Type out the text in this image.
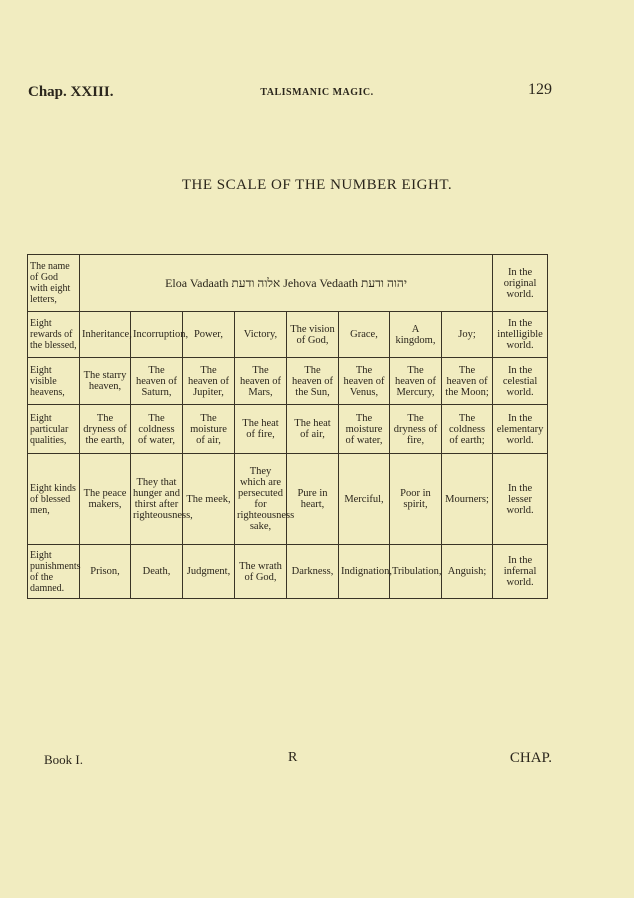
Chap. XXIII.	TALISMANIC MAGIC.	129
THE SCALE OF THE NUMBER EIGHT.
The name of God with eight letters,	Eloa Vadaath אלוה ודעת Jehova Vedaath יהוה ודעת								In the original world.
Eight rewards of the blessed,	Inheritance,	Incorruption,	Power,	Victory,	The vision of God,	Grace,	A kingdom,	Joy;	In the intelligible world.
Eight visible heavens,	The starry heaven,	The heaven of Saturn,	The heaven of Jupiter,	The heaven of Mars,	The heaven of the Sun,	The heaven of Venus,	The heaven of Mercury,	The heaven of the Moon;	In the celestial world.
Eight particular qualities,	The dryness of the earth,	The coldness of water,	The moisture of air,	The heat of fire,	The heat of air,	The moisture of water,	The dryness of fire,	The coldness of earth;	In the elementary world.
Eight kinds of blessed men,	The peace makers,	They that hunger and thirst after righteousness,	The meek,	They which are persecuted for righteousness sake,	Pure in heart,	Merciful,	Poor in spirit,	Mourners;	In the lesser world.
Eight punishments of the damned.	Prison,	Death,	Judgment,	The wrath of God,	Darkness,	Indignation,	Tribulation,	Anguish;	In the infernal world.
Book I.	R	CHAP.
